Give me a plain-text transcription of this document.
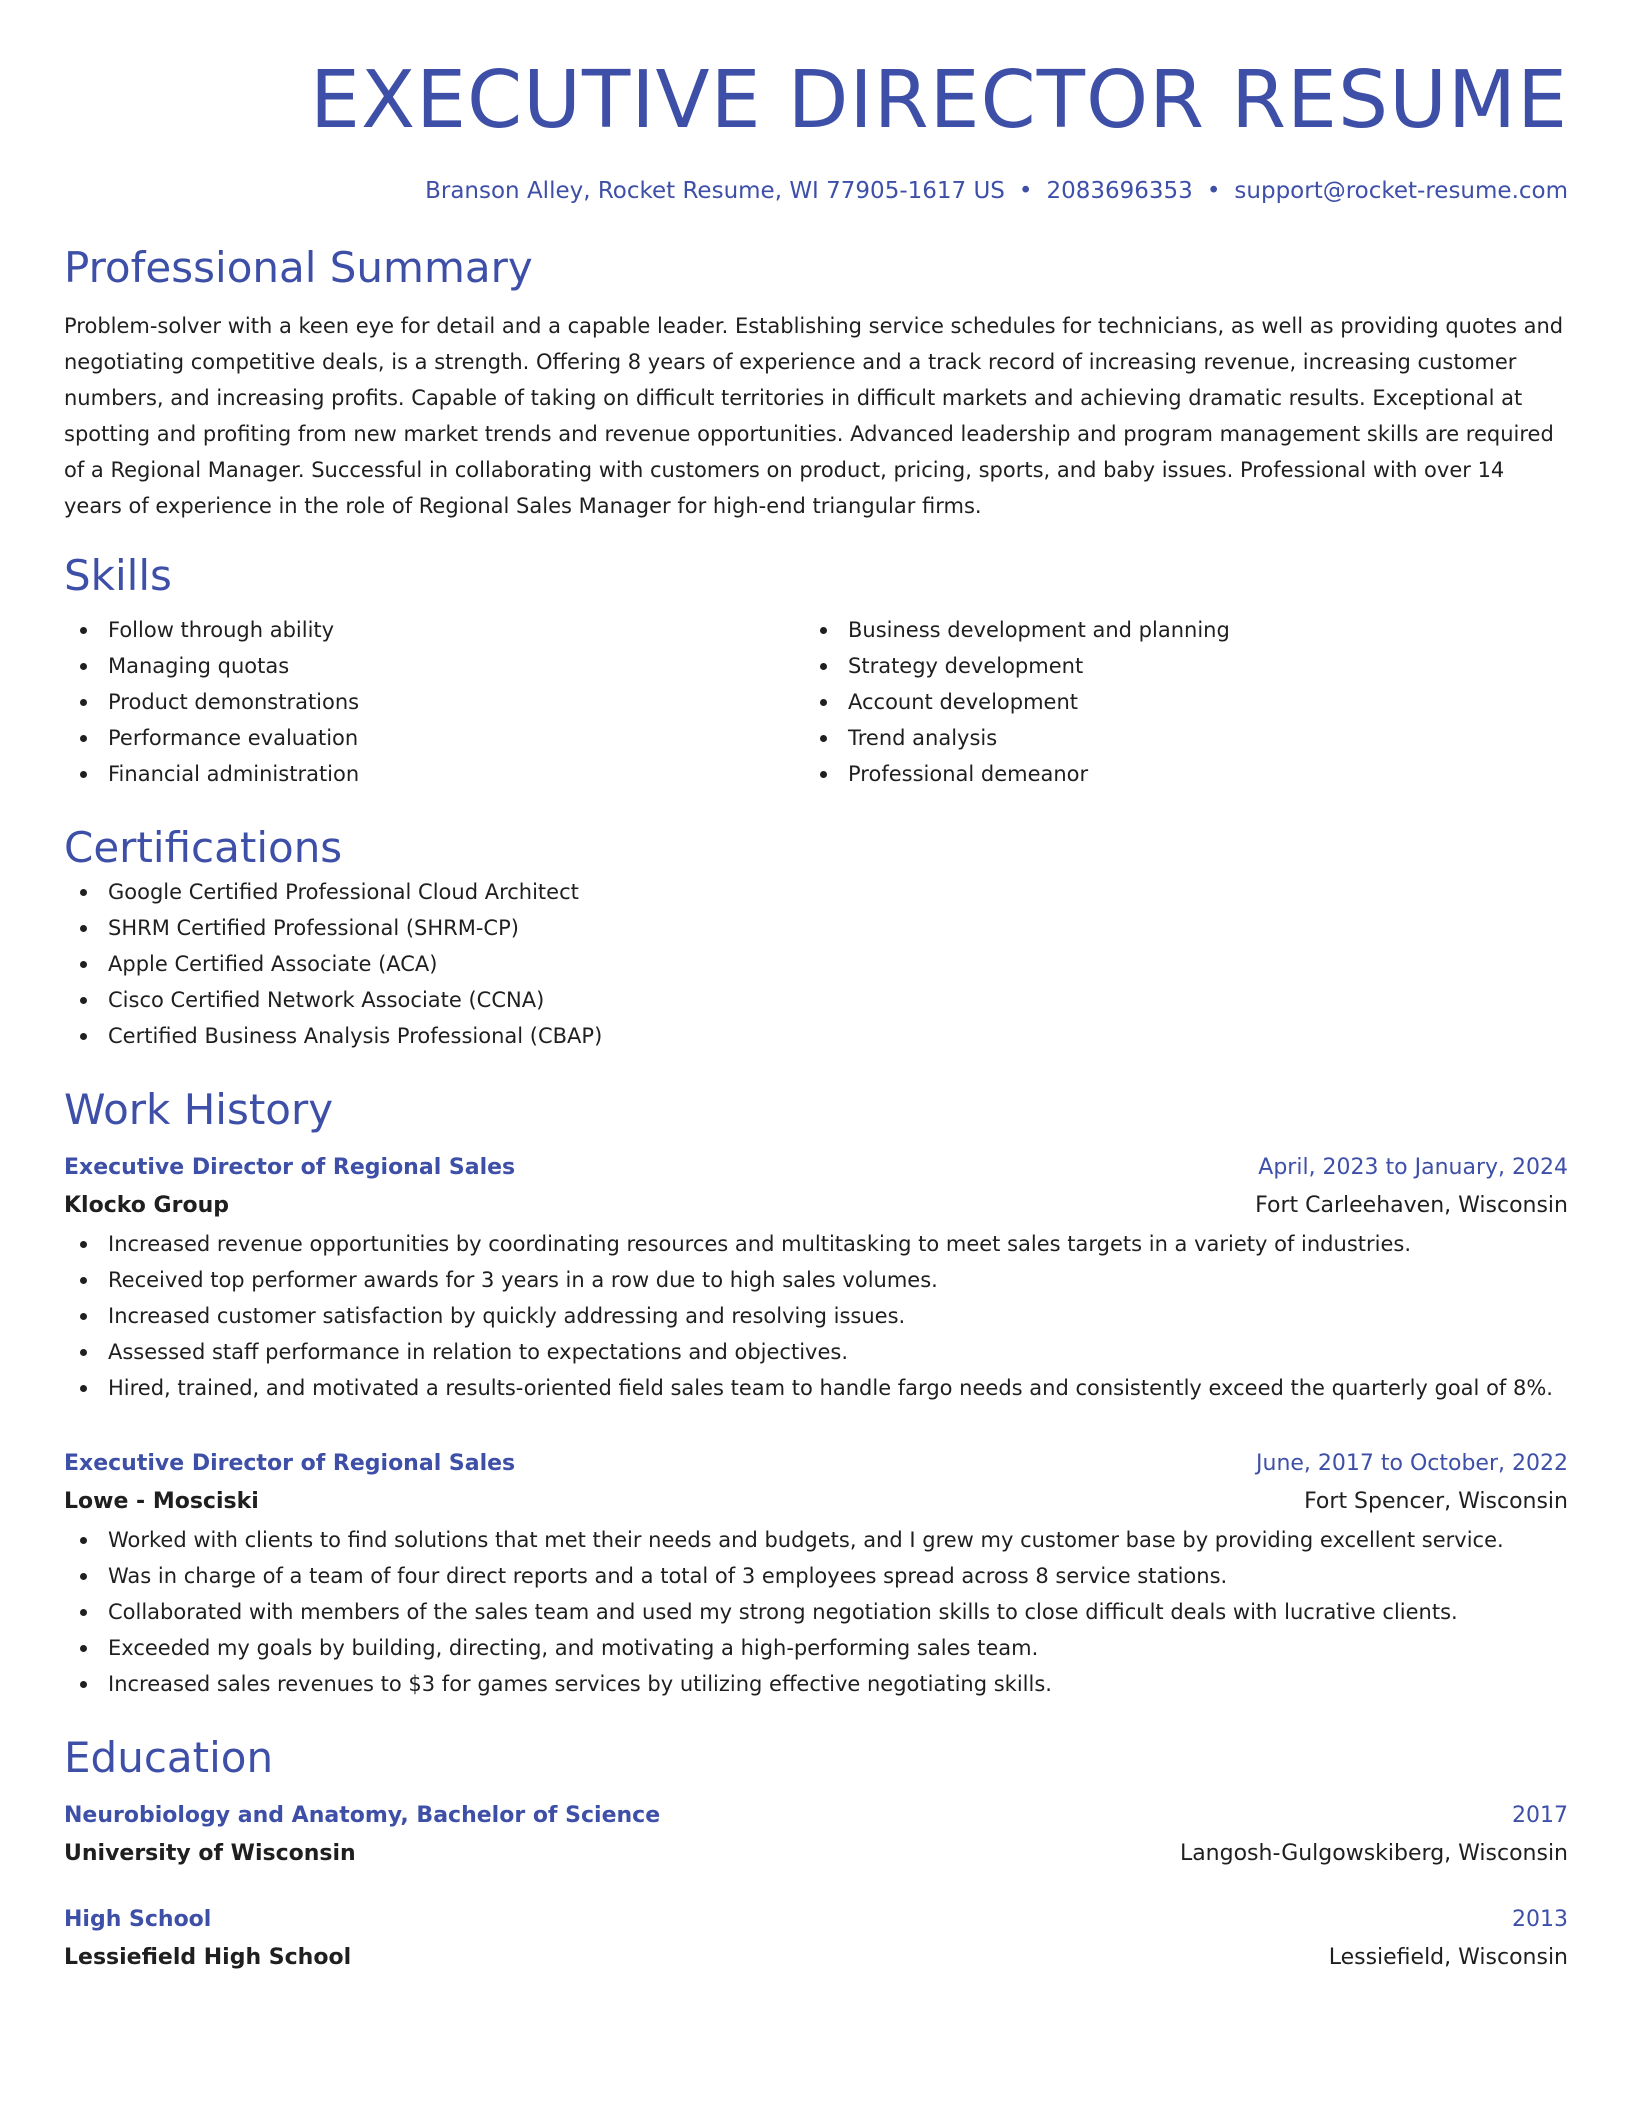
EXECUTIVE DIRECTOR RESUME
Branson Alley, Rocket Resume, WI 77905-1617 US • 2083696353 • support@rocket-resume.com
Professional Summary
Problem-solver with a keen eye for detail and a capable leader. Establishing service schedules for technicians, as well as providing quotes and negotiating competitive deals, is a strength. Offering 8 years of experience and a track record of increasing revenue, increasing customer numbers, and increasing profits. Capable of taking on difficult territories in difficult markets and achieving dramatic results. Exceptional at spotting and profiting from new market trends and revenue opportunities. Advanced leadership and program management skills are required of a Regional Manager. Successful in collaborating with customers on product, pricing, sports, and baby issues. Professional with over 14 years of experience in the role of Regional Sales Manager for high-end triangular firms.
Skills
Follow through ability
Managing quotas
Product demonstrations
Performance evaluation
Financial administration
Business development and planning
Strategy development
Account development
Trend analysis
Professional demeanor
Certifications
Google Certified Professional Cloud Architect
SHRM Certified Professional (SHRM-CP)
Apple Certified Associate (ACA)
Cisco Certified Network Associate (CCNA)
Certified Business Analysis Professional (CBAP)
Work History
Executive Director of Regional Sales	April, 2023 to January, 2024
Klocko Group	Fort Carleehaven, Wisconsin
Increased revenue opportunities by coordinating resources and multitasking to meet sales targets in a variety of industries.
Received top performer awards for 3 years in a row due to high sales volumes.
Increased customer satisfaction by quickly addressing and resolving issues.
Assessed staff performance in relation to expectations and objectives.
Hired, trained, and motivated a results-oriented field sales team to handle fargo needs and consistently exceed the quarterly goal of 8%.
Executive Director of Regional Sales	June, 2017 to October, 2022
Lowe - Mosciski	Fort Spencer, Wisconsin
Worked with clients to find solutions that met their needs and budgets, and I grew my customer base by providing excellent service.
Was in charge of a team of four direct reports and a total of 3 employees spread across 8 service stations.
Collaborated with members of the sales team and used my strong negotiation skills to close difficult deals with lucrative clients.
Exceeded my goals by building, directing, and motivating a high-performing sales team.
Increased sales revenues to $3 for games services by utilizing effective negotiating skills.
Education
Neurobiology and Anatomy, Bachelor of Science	2017
University of Wisconsin	Langosh-Gulgowskiberg, Wisconsin
High School	2013
Lessiefield High School	Lessiefield, Wisconsin
